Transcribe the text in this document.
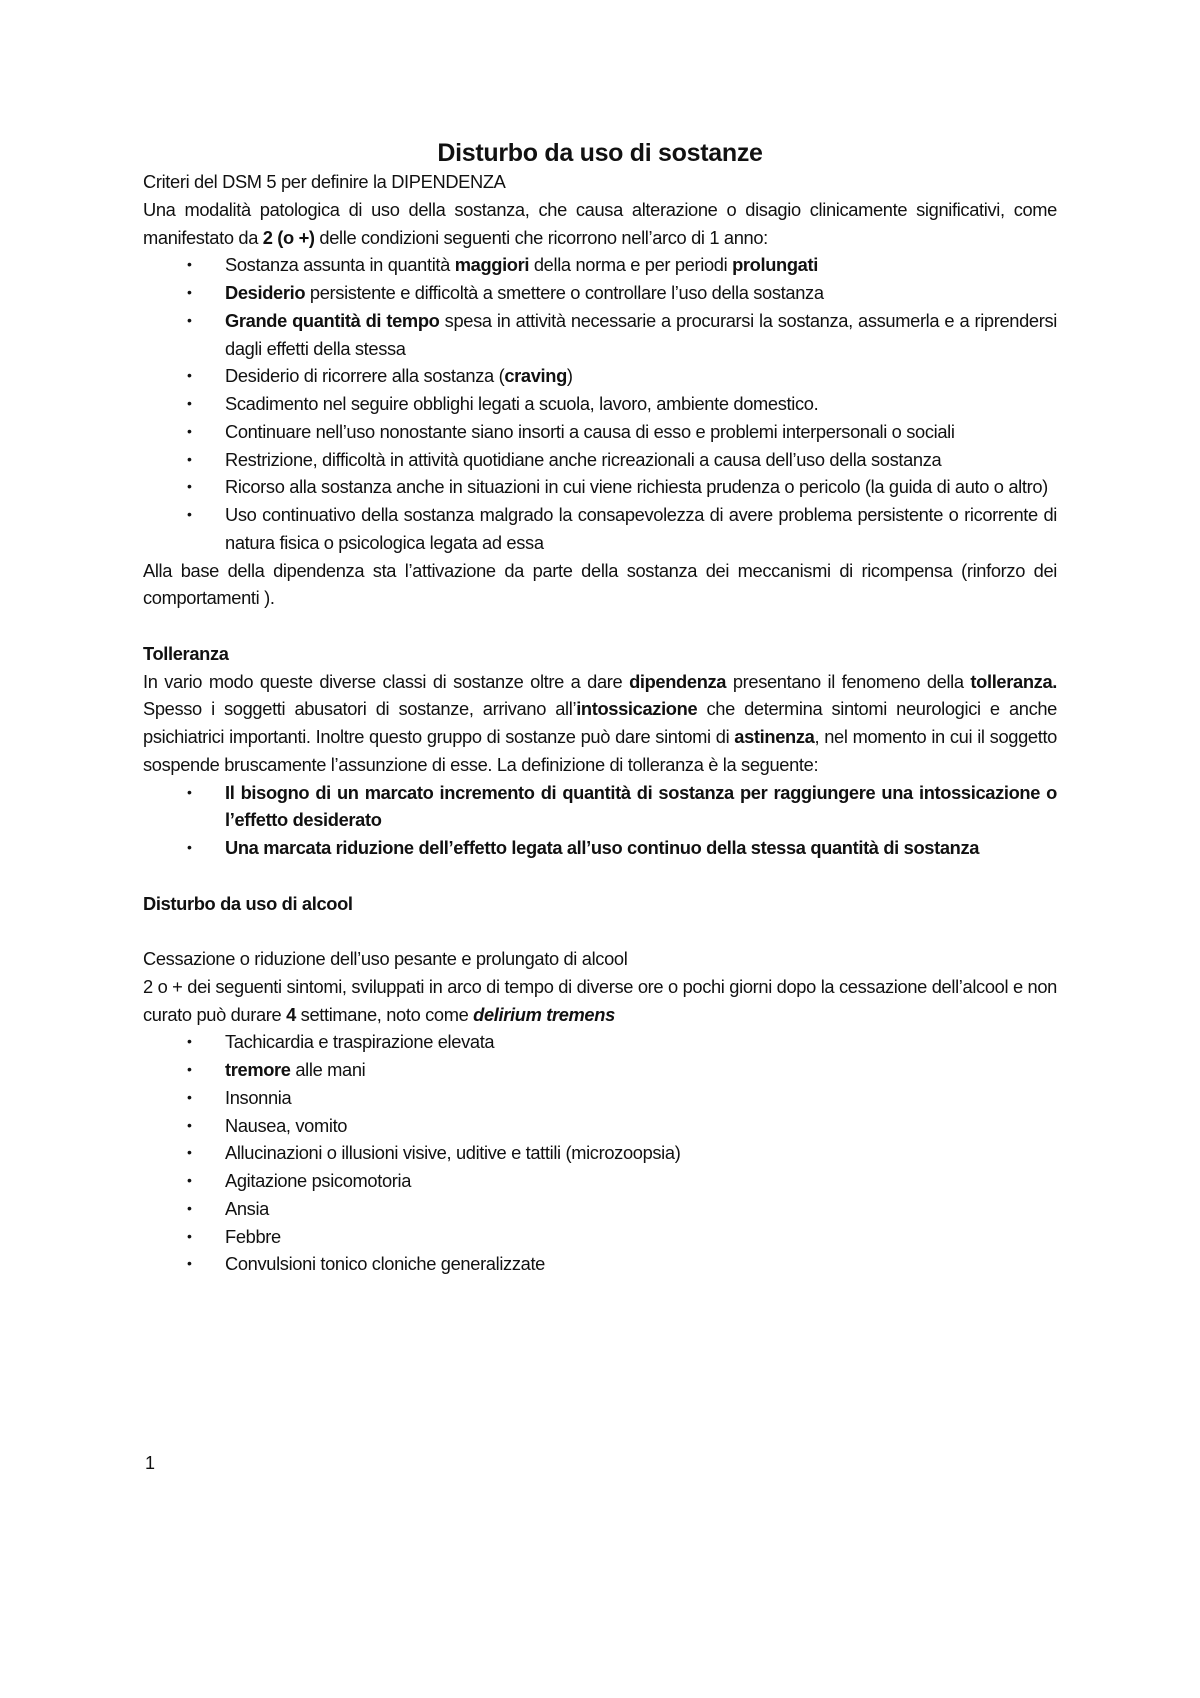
Disturbo da uso di sostanze

Criteri del DSM 5 per definire la DIPENDENZA

Una modalità patologica di uso della sostanza, che causa alterazione o disagio clinicamente significativi, come manifestato da 2 (o +) delle condizioni seguenti che ricorrono nell’arco di 1 anno:

• Sostanza assunta in quantità maggiori della norma e per periodi prolungati
• Desiderio persistente e difficoltà a smettere o controllare l’uso della sostanza
• Grande quantità di tempo spesa in attività necessarie a procurarsi la sostanza, assumerla e a riprendersi dagli effetti della stessa
• Desiderio di ricorrere alla sostanza (craving)
• Scadimento nel seguire obblighi legati a scuola, lavoro, ambiente domestico.
• Continuare nell’uso nonostante siano insorti a causa di esso e problemi interpersonali o sociali
• Restrizione, difficoltà in attività quotidiane anche ricreazionali a causa dell’uso della sostanza
• Ricorso alla sostanza anche in situazioni in cui viene richiesta prudenza o pericolo (la guida di auto o altro)
• Uso continuativo della sostanza malgrado la consapevolezza di avere problema persistente o ricorrente di natura fisica o psicologica legata ad essa

Alla base della dipendenza sta l’attivazione da parte della sostanza dei meccanismi di ricompensa (rinforzo dei comportamenti ).

Tolleranza

In vario modo queste diverse classi di sostanze oltre a dare dipendenza presentano il fenomeno della tolleranza. Spesso i soggetti abusatori di sostanze, arrivano all’intossicazione che determina sintomi neurologici e anche psichiatrici importanti. Inoltre questo gruppo di sostanze può dare sintomi di astinenza, nel momento in cui il soggetto sospende bruscamente l’assunzione di esse. La definizione di tolleranza è la seguente:

• Il bisogno di un marcato incremento di quantità di sostanza per raggiungere una intossicazione o l’effetto desiderato
• Una marcata riduzione dell’effetto legata all’uso continuo della stessa quantità di sostanza

Disturbo da uso di alcool

Cessazione o riduzione dell’uso pesante e prolungato di alcool

2 o + dei seguenti sintomi, sviluppati in arco di tempo di diverse ore o pochi giorni dopo la cessazione dell’alcool e non curato può durare 4 settimane, noto come delirium tremens

• Tachicardia e traspirazione elevata
• tremore alle mani
• Insonnia
• Nausea, vomito
• Allucinazioni o illusioni visive, uditive e tattili (microzoopsia)
• Agitazione psicomotoria
• Ansia
• Febbre
• Convulsioni tonico cloniche generalizzate
1
